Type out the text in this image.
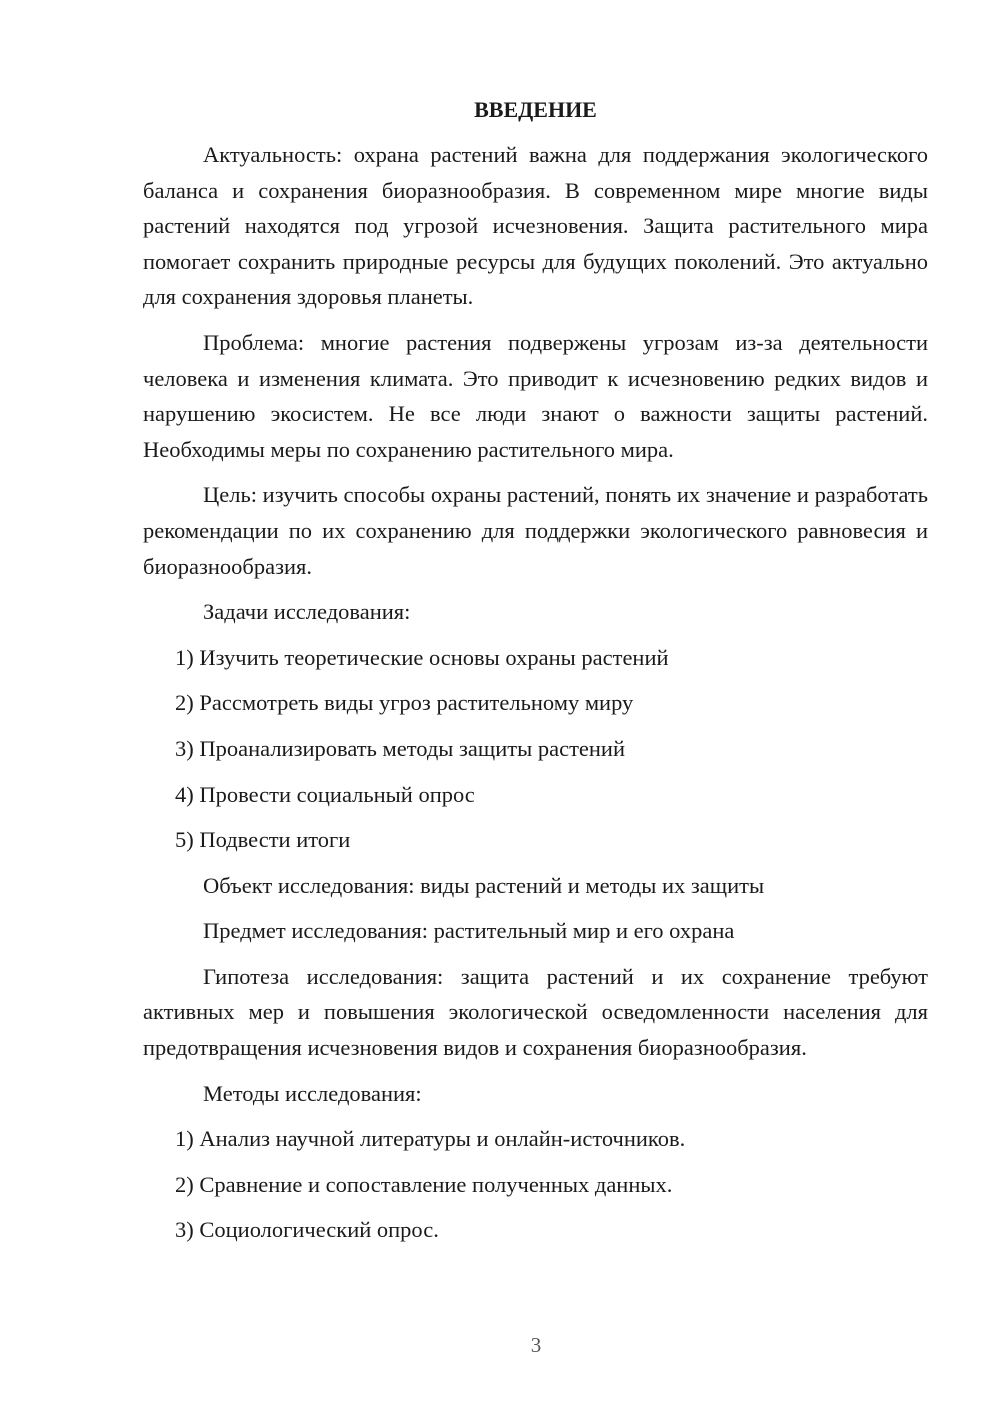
ВВЕДЕНИЕ

Актуальность: охрана растений важна для поддержания экологического баланса и сохранения биоразнообразия. В современном мире многие виды растений находятся под угрозой исчезновения. Защита растительного мира помогает сохранить природные ресурсы для будущих поколений. Это актуально для сохранения здоровья планеты.

Проблема: многие растения подвержены угрозам из-за деятельности человека и изменения климата. Это приводит к исчезновению редких видов и нарушению экосистем. Не все люди знают о важности защиты растений. Необходимы меры по сохранению растительного мира.

Цель: изучить способы охраны растений, понять их значение и разработать рекомендации по их сохранению для поддержки экологического равновесия и биоразнообразия.

Задачи исследования:
1) Изучить теоретические основы охраны растений
2) Рассмотреть виды угроз растительному миру
3) Проанализировать методы защиты растений
4) Провести социальный опрос
5) Подвести итоги
Объект исследования: виды растений и методы их защиты
Предмет исследования: растительный мир и его охрана

Гипотеза исследования: защита растений и их сохранение требуют активных мер и повышения экологической осведомленности населения для предотвращения исчезновения видов и сохранения биоразнообразия.

Методы исследования:
1) Анализ научной литературы и онлайн-источников.
2) Сравнение и сопоставление полученных данных.
3) Социологический опрос.
3
